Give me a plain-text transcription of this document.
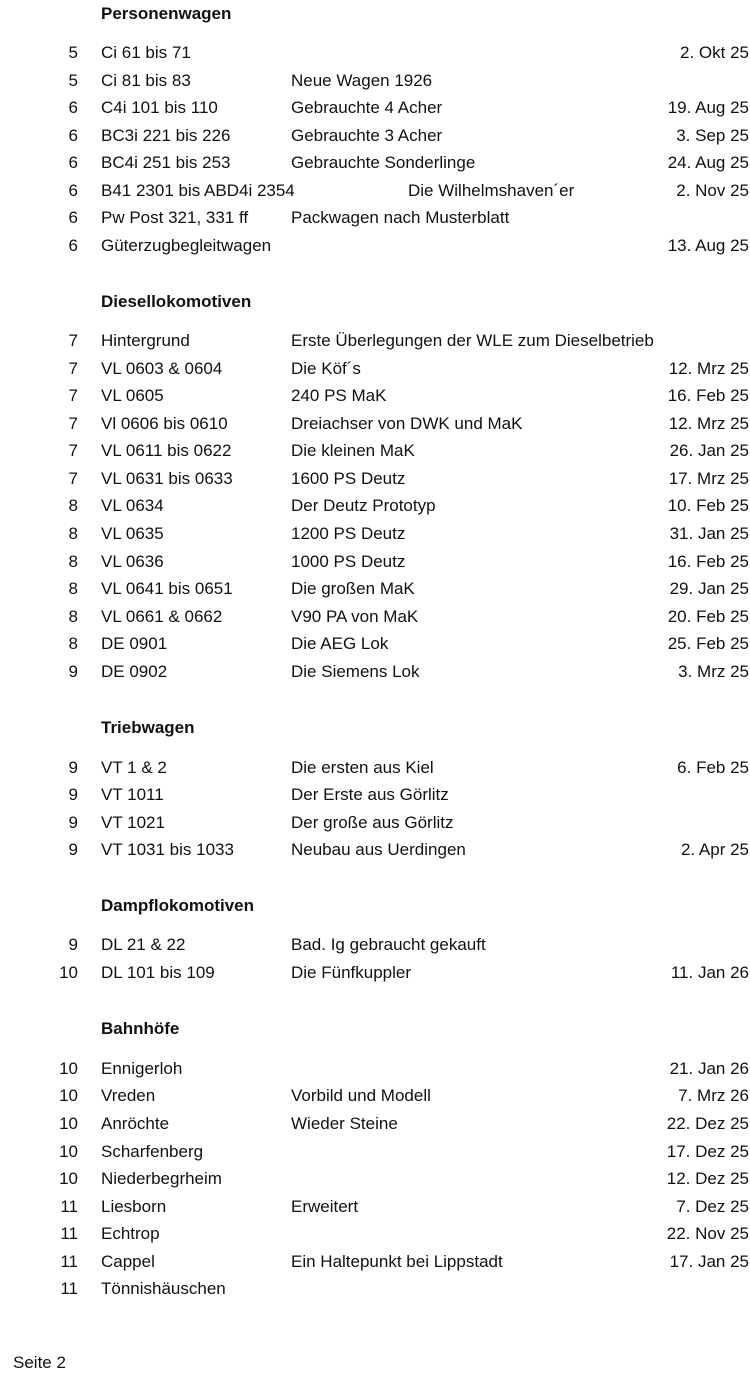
Personenwagen
5 Ci 61 bis 71	2. Okt 25
5 Ci 81 bis 83	Neue Wagen 1926
6 C4i 101 bis 110	Gebrauchte 4 Acher	19. Aug 25
6 BC3i 221 bis 226	Gebrauchte 3 Acher	3. Sep 25
6 BC4i 251 bis 253	Gebrauchte Sonderlinge	24. Aug 25
6 B41 2301 bis ABD4i 2354	Die Wilhelmshaven´er	2. Nov 25
6 Pw Post 321, 331 ff	Packwagen nach Musterblatt
6 Güterzugbegleitwagen	13. Aug 25
Diesellokomotiven
7 Hintergrund	Erste Überlegungen der WLE zum Dieselbetrieb
7 VL 0603 & 0604	Die Köf´s	12. Mrz 25
7 VL 0605	240 PS MaK	16. Feb 25
7 Vl 0606 bis 0610	Dreiachser von DWK und MaK	12. Mrz 25
7 VL 0611 bis 0622	Die kleinen MaK	26. Jan 25
7 VL 0631 bis 0633	1600 PS Deutz	17. Mrz 25
8 VL 0634	Der Deutz Prototyp	10. Feb 25
8 VL 0635	1200 PS Deutz	31. Jan 25
8 VL 0636	1000 PS Deutz	16. Feb 25
8 VL 0641 bis 0651	Die großen MaK	29. Jan 25
8 VL 0661 & 0662	V90 PA von MaK	20. Feb 25
8 DE 0901	Die AEG Lok	25. Feb 25
9 DE 0902	Die Siemens Lok	3. Mrz 25
Triebwagen
9 VT 1 & 2	Die ersten aus Kiel	6. Feb 25
9 VT 1011	Der Erste aus Görlitz
9 VT 1021	Der große aus Görlitz
9 VT 1031 bis 1033	Neubau aus Uerdingen	2. Apr 25
Dampflokomotiven
9 DL 21 & 22	Bad. Ig gebraucht gekauft
10 DL 101 bis 109	Die Fünfkuppler	11. Jan 26
Bahnhöfe
10 Ennigerloh	21. Jan 26
10 Vreden	Vorbild und Modell	7. Mrz 26
10 Anröchte	Wieder Steine	22. Dez 25
10 Scharfenberg	17. Dez 25
10 Niederbegrheim	12. Dez 25
11 Liesborn	Erweitert	7. Dez 25
11 Echtrop	22. Nov 25
11 Cappel	Ein Haltepunkt bei Lippstadt	17. Jan 25
11 Tönnishäuschen
Seite 2
